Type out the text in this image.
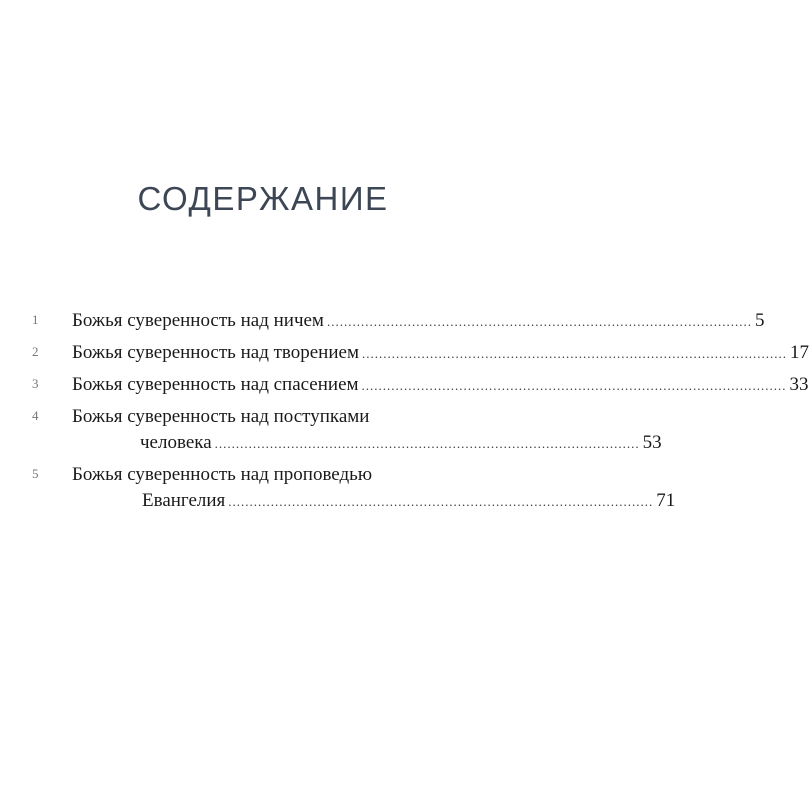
СОДЕРЖАНИЕ
1 Божья суверенность над ничем .................................................................................................... 5
2 Божья суверенность над творением .................................................................................................... 17
3 Божья суверенность над спасением .................................................................................................... 33
4 Божья суверенность над поступками
человека .................................................................................................... 53
5 Божья суверенность над проповедью
Евангелия .................................................................................................... 71
